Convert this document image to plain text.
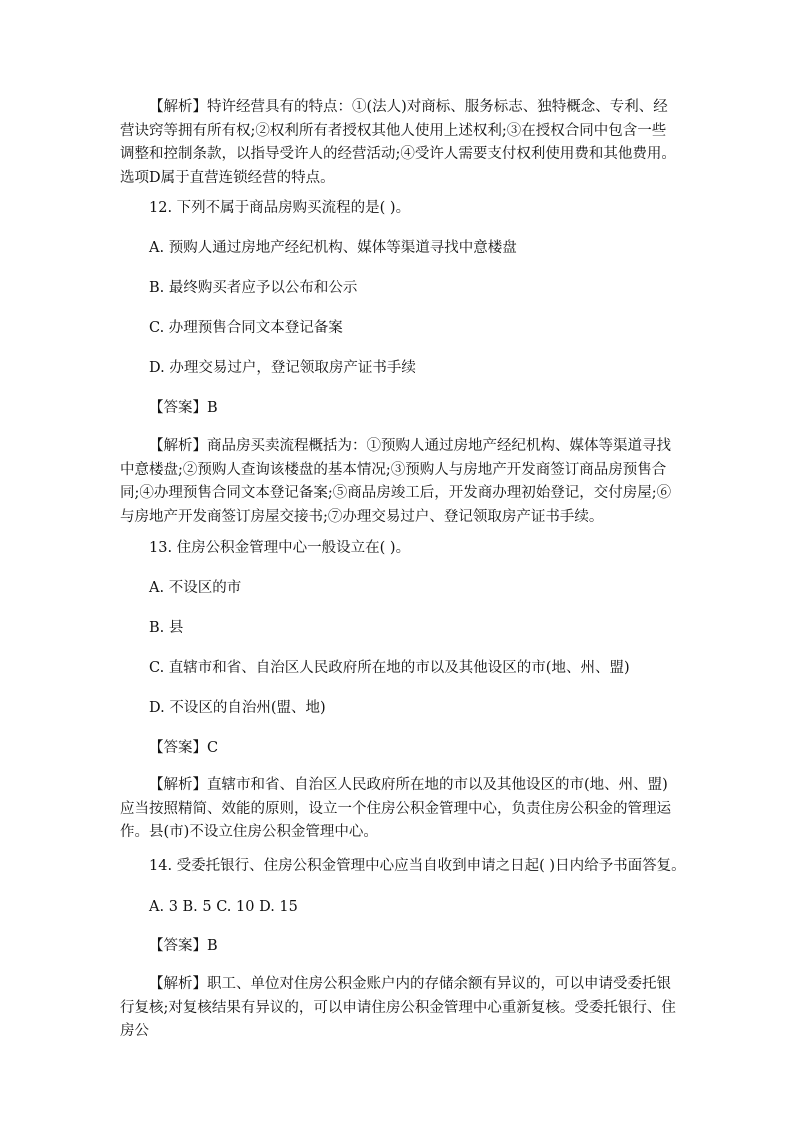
【解析】特许经营具有的特点：①(法人)对商标、服务标志、独特概念、专利、经营诀窍等拥有所有权;②权利所有者授权其他人使用上述权利;③在授权合同中包含一些调整和控制条款，以指导受许人的经营活动;④受许人需要支付权利使用费和其他费用。选项D属于直营连锁经营的特点。

12. 下列不属于商品房购买流程的是( )。

A. 预购人通过房地产经纪机构、媒体等渠道寻找中意楼盘

B. 最终购买者应予以公布和公示

C. 办理预售合同文本登记备案

D. 办理交易过户，登记领取房产证书手续

【答案】B

【解析】商品房买卖流程概括为：①预购人通过房地产经纪机构、媒体等渠道寻找中意楼盘;②预购人查询该楼盘的基本情况;③预购人与房地产开发商签订商品房预售合同;④办理预售合同文本登记备案;⑤商品房竣工后，开发商办理初始登记，交付房屋;⑥与房地产开发商签订房屋交接书;⑦办理交易过户、登记领取房产证书手续。

13. 住房公积金管理中心一般设立在( )。

A. 不设区的市

B. 县

C. 直辖市和省、自治区人民政府所在地的市以及其他设区的市(地、州、盟)

D. 不设区的自治州(盟、地)

【答案】C

【解析】直辖市和省、自治区人民政府所在地的市以及其他设区的市(地、州、盟)应当按照精简、效能的原则，设立一个住房公积金管理中心，负责住房公积金的管理运作。县(市)不设立住房公积金管理中心。

14. 受委托银行、住房公积金管理中心应当自收到申请之日起( )日内给予书面答复。

A. 3 B. 5 C. 10 D. 15

【答案】B

【解析】职工、单位对住房公积金账户内的存储余额有异议的，可以申请受委托银行复核;对复核结果有异议的，可以申请住房公积金管理中心重新复核。受委托银行、住房公
